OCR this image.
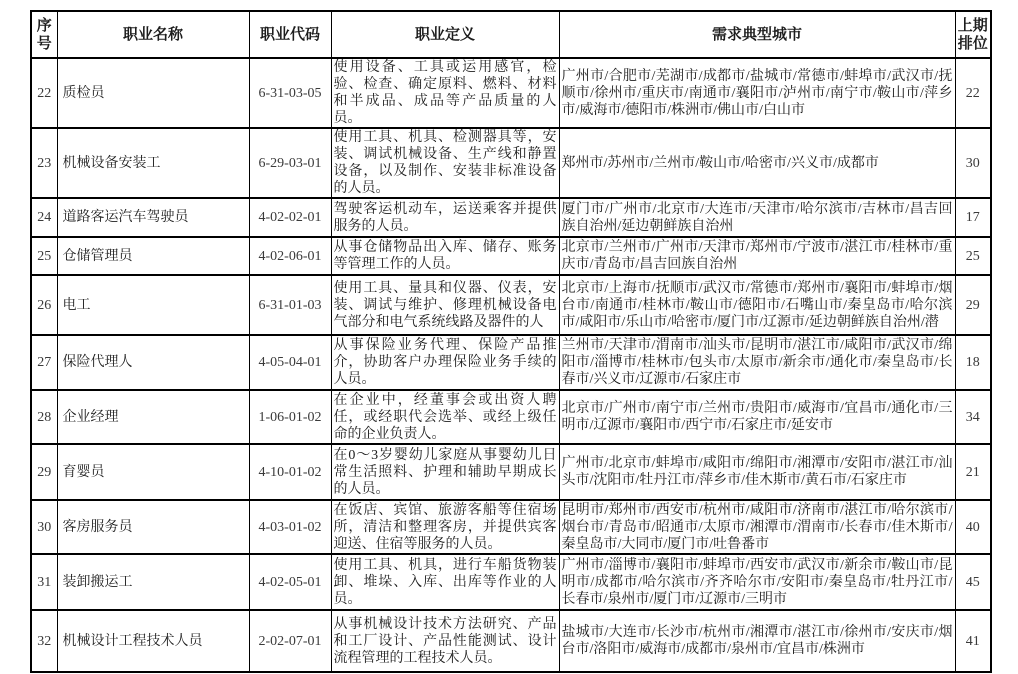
序号	职业名称	职业代码	职业定义	需求典型城市	上期排位
22	质检员	6-31-03-05	使用设备、工具或运用感官，检验、检查、确定原料、燃料、材料和半成品、成品等产品质量的人员。	广州市/合肥市/芜湖市/成都市/盐城市/常德市/蚌埠市/武汉市/抚顺市/徐州市/重庆市/南通市/襄阳市/泸州市/南宁市/鞍山市/萍乡市/威海市/德阳市/株洲市/佛山市/白山市	22
23	机械设备安装工	6-29-03-01	使用工具、机具、检测器具等，安装、调试机械设备、生产线和静置设备，以及制作、安装非标准设备的人员。	郑州市/苏州市/兰州市/鞍山市/哈密市/兴义市/成都市	30
24	道路客运汽车驾驶员	4-02-02-01	驾驶客运机动车，运送乘客并提供服务的人员。	厦门市/广州市/北京市/大连市/天津市/哈尔滨市/吉林市/昌吉回族自治州/延边朝鲜族自治州	17
25	仓储管理员	4-02-06-01	从事仓储物品出入库、储存、账务等管理工作的人员。	北京市/兰州市/广州市/天津市/郑州市/宁波市/湛江市/桂林市/重庆市/青岛市/昌吉回族自治州	25
26	电工	6-31-01-03	使用工具、量具和仪器、仪表，安装、调试与维护、修理机械设备电气部分和电气系统线路及器件的人	北京市/上海市/抚顺市/武汉市/常德市/郑州市/襄阳市/蚌埠市/烟台市/南通市/桂林市/鞍山市/德阳市/石嘴山市/秦皇岛市/哈尔滨市/咸阳市/乐山市/哈密市/厦门市/辽源市/延边朝鲜族自治州/潜	29
27	保险代理人	4-05-04-01	从事保险业务代理、保险产品推介，协助客户办理保险业务手续的人员。	兰州市/天津市/渭南市/汕头市/昆明市/湛江市/咸阳市/武汉市/绵阳市/淄博市/桂林市/包头市/太原市/新余市/通化市/秦皇岛市/长春市/兴义市/辽源市/石家庄市	18
28	企业经理	1-06-01-02	在企业中，经董事会或出资人聘任，或经职代会选举、或经上级任命的企业负责人。	北京市/广州市/南宁市/兰州市/贵阳市/威海市/宜昌市/通化市/三明市/辽源市/襄阳市/西宁市/石家庄市/延安市	34
29	育婴员	4-10-01-02	在0～3岁婴幼儿家庭从事婴幼儿日常生活照料、护理和辅助早期成长的人员。	广州市/北京市/蚌埠市/咸阳市/绵阳市/湘潭市/安阳市/湛江市/汕头市/沈阳市/牡丹江市/萍乡市/佳木斯市/黄石市/石家庄市	21
30	客房服务员	4-03-01-02	在饭店、宾馆、旅游客船等住宿场所，清洁和整理客房，并提供宾客迎送、住宿等服务的人员。	昆明市/郑州市/西安市/杭州市/咸阳市/济南市/湛江市/哈尔滨市/烟台市/青岛市/昭通市/太原市/湘潭市/渭南市/长春市/佳木斯市/秦皇岛市/大同市/厦门市/吐鲁番市	40
31	装卸搬运工	4-02-05-01	使用工具、机具，进行车船货物装卸、堆垛、入库、出库等作业的人员。	广州市/淄博市/襄阳市/蚌埠市/西安市/武汉市/新余市/鞍山市/昆明市/成都市/哈尔滨市/齐齐哈尔市/安阳市/秦皇岛市/牡丹江市/长春市/泉州市/厦门市/辽源市/三明市	45
32	机械设计工程技术人员	2-02-07-01	从事机械设计技术方法研究、产品和工厂设计、产品性能测试、设计流程管理的工程技术人员。	盐城市/大连市/长沙市/杭州市/湘潭市/湛江市/徐州市/安庆市/烟台市/洛阳市/威海市/成都市/泉州市/宜昌市/株洲市	41
